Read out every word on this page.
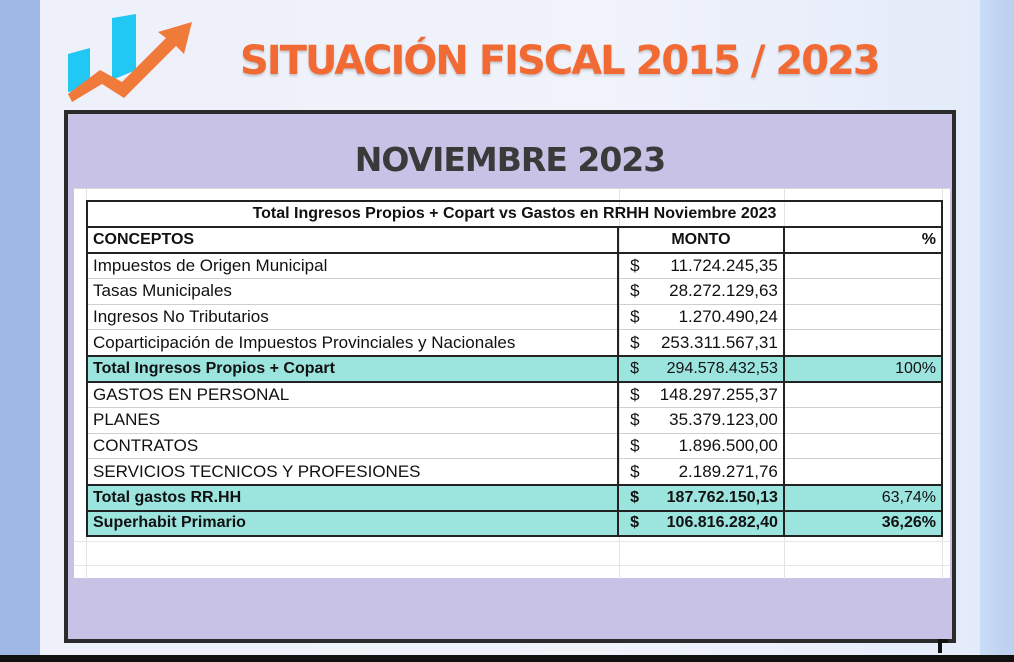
SITUACIÓN FISCAL 2015 / 2023
NOVIEMBRE 2023
Total Ingresos Propios + Copart vs Gastos en RRHH Noviembre 2023		
CONCEPTOS	MONTO	%
Impuestos de Origen Municipal	$ 11.724.245,35	

Tasas Municipales	$ 28.272.129,63	

Ingresos No Tributarios	$ 1.270.490,24	

Coparticipación de Impuestos Provinciales y Nacionales	$ 253.311.567,31	

Total Ingresos Propios + Copart	$ 294.578.432,53	100%
GASTOS EN PERSONAL	$ 148.297.255,37	

PLANES	$ 35.379.123,00	

CONTRATOS	$ 1.896.500,00	

SERVICIOS TECNICOS Y PROFESIONES	$ 2.189.271,76	

Total gastos RR.HH	$ 187.762.150,13	63,74%
Superhabit Primario	$ 106.816.282,40	36,26%
